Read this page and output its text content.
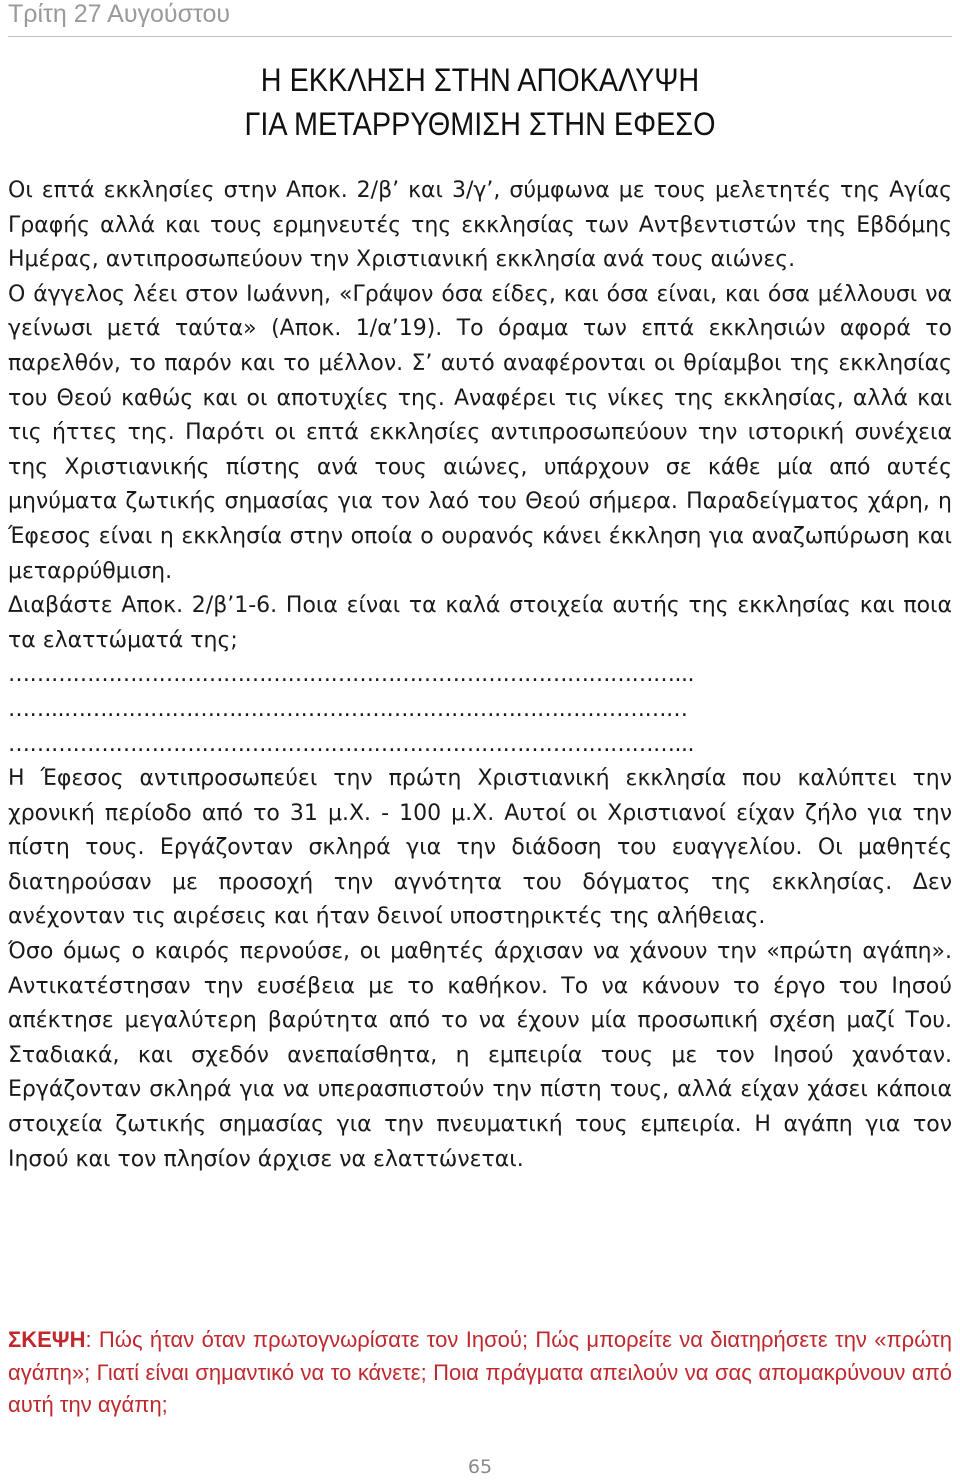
Τρίτη 27 Αυγούστου
Η ΕΚΚΛΗΣΗ ΣΤΗΝ ΑΠΟΚΑΛΥΨΗ
ΓΙΑ ΜΕΤΑΡΡΥΘΜΙΣΗ ΣΤΗΝ ΕΦΕΣΟ

Οι επτά εκκλησίες στην Αποκ. 2/β’ και 3/γ’, σύμφωνα με τους μελετητές της Αγίας Γραφής αλλά και τους ερμηνευτές της εκκλησίας των Αντβεντιστών της Εβδόμης Ημέρας, αντιπροσωπεύουν την Χριστιανική εκκλησία ανά τους αιώνες.

Ο άγγελος λέει στον Ιωάννη, «Γράψον όσα είδες, και όσα είναι, και όσα μέλλουσι να γείνωσι μετά ταύτα» (Αποκ. 1/α’19). Το όραμα των επτά εκκλησιών αφορά το παρελθόν, το παρόν και το μέλλον. Σ’ αυτό αναφέρονται οι θρίαμβοι της εκκλησίας του Θεού καθώς και οι αποτυχίες της. Αναφέρει τις νίκες της εκκλησίας, αλλά και τις ήττες της. Παρότι οι επτά εκκλησίες αντιπροσωπεύουν την ιστορική συνέχεια της Χριστιανικής πίστης ανά τους αιώνες, υπάρχουν σε κάθε μία από αυτές μηνύματα ζωτικής σημασίας για τον λαό του Θεού σήμερα. Παραδείγματος χάρη, η Έφεσος είναι η εκκλησία στην οποία ο ουρανός κάνει έκκληση για αναζωπύρωση και μεταρρύθμιση.

Διαβάστε Αποκ. 2/β’1-6. Ποια είναι τα καλά στοιχεία αυτής της εκκλησίας και ποια τα ελαττώματά της;

…………………………………………………………………………………...
……..……………………………………………………………………………
…………………………………………………………………………………...

Η Έφεσος αντιπροσωπεύει την πρώτη Χριστιανική εκκλησία που καλύπτει την χρονική περίοδο από το 31 μ.Χ. - 100 μ.Χ. Αυτοί οι Χριστιανοί είχαν ζήλο για την πίστη τους. Εργάζονταν σκληρά για την διάδοση του ευαγγελίου. Οι μαθητές διατηρούσαν με προσοχή την αγνότητα του δόγματος της εκκλησίας. Δεν ανέχονταν τις αιρέσεις και ήταν δεινοί υποστηρικτές της αλήθειας.

Όσο όμως ο καιρός περνούσε, οι μαθητές άρχισαν να χάνουν την «πρώτη αγάπη». Αντικατέστησαν την ευσέβεια με το καθήκον. Το να κάνουν το έργο του Ιησού απέκτησε μεγαλύτερη βαρύτητα από το να έχουν μία προσωπική σχέση μαζί Του. Σταδιακά, και σχεδόν ανεπαίσθητα, η εμπειρία τους με τον Ιησού χανόταν. Εργάζονταν σκληρά για να υπερασπιστούν την πίστη τους, αλλά είχαν χάσει κάποια στοιχεία ζωτικής σημασίας για την πνευματική τους εμπειρία. Η αγάπη για τον Ιησού και τον πλησίον άρχισε να ελαττώνεται.

ΣΚΕΨΗ: Πώς ήταν όταν πρωτογνωρίσατε τον Ιησού; Πώς μπορείτε να διατηρήσετε την «πρώτη αγάπη»; Γιατί είναι σημαντικό να το κάνετε; Ποια πράγματα απειλούν να σας απομακρύνουν από αυτή την αγάπη;
65
